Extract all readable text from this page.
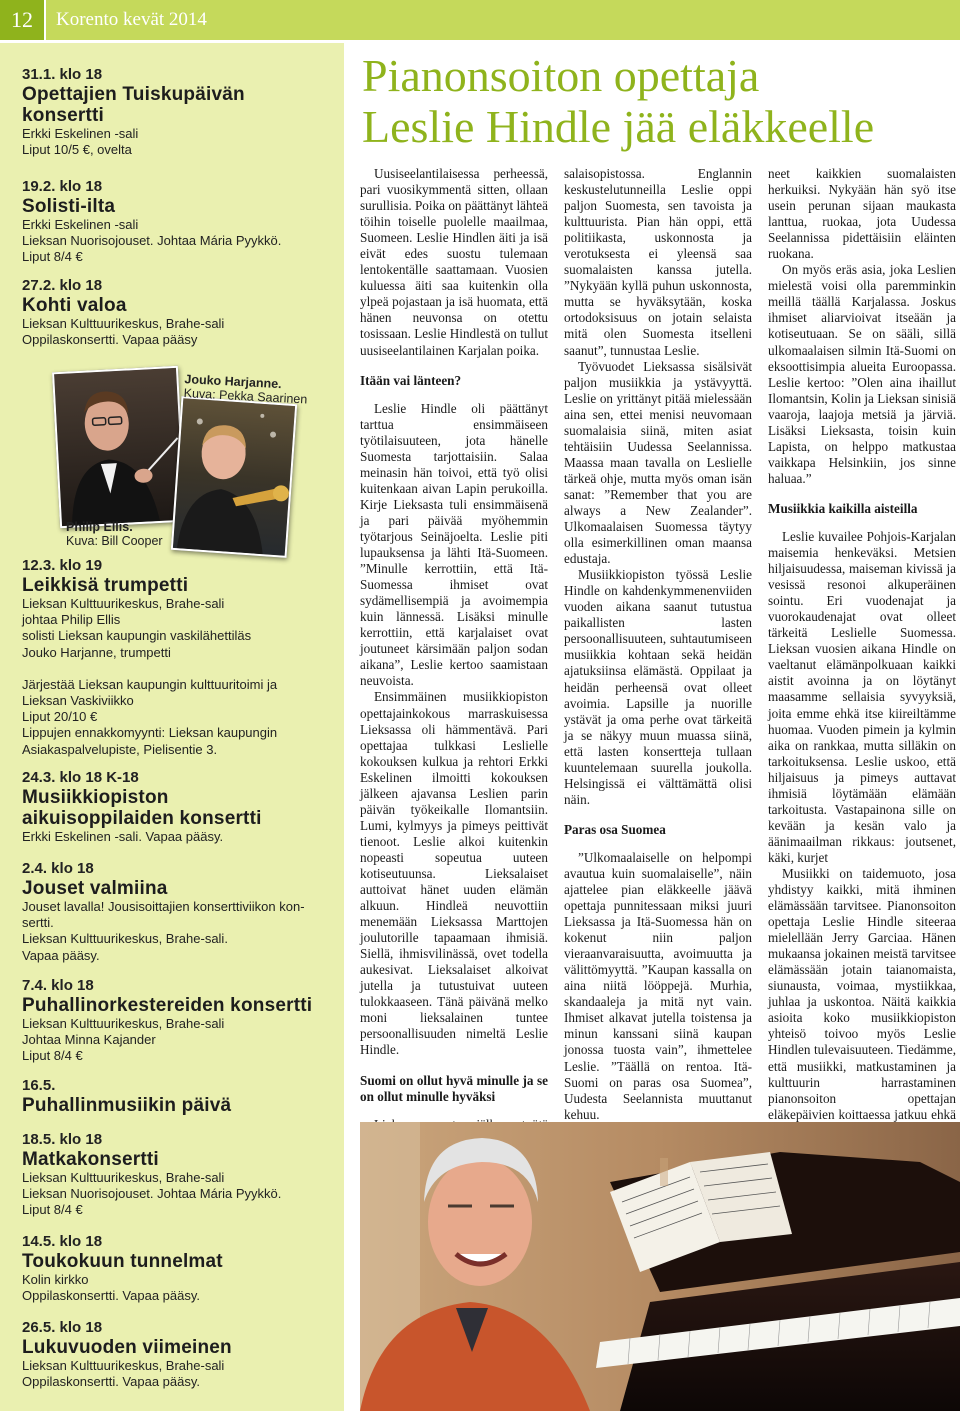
12	Korento kevät 2014
31.1. klo 18
Opettajien Tuiskupäivän konsertti
Erkki Eskelinen -sali
Liput 10/5 €, ovelta
19.2. klo 18
Solisti-ilta
Erkki Eskelinen -sali
Lieksan Nuorisojouset. Johtaa Mária Pyykkö.
Liput 8/4 €
27.2. klo 18
Kohti valoa
Lieksan Kulttuurikeskus, Brahe-sali
Oppilaskonsertti. Vapaa pääsy
12.3. klo 19
Leikkisä trumpetti
Lieksan Kulttuurikeskus, Brahe-sali
johtaa Philip Ellis
solisti Lieksan kaupungin vaskilähettiläs
Jouko Harjanne, trumpetti
Järjestää Lieksan kaupungin kulttuuritoimi ja
Lieksan Vaskiviikko
Liput 20/10 €
Lippujen ennakkomyynti: Lieksan kaupungin
Asiakaspalvelupiste, Pielisentie 3.
24.3. klo 18 K-18
Musiikkiopiston aikuisoppilaiden konsertti
Erkki Eskelinen -sali. Vapaa pääsy.
2.4. klo 18
Jouset valmiina
Jouset lavalla! Jousisoittajien konserttiviikon kon-
sertti.
Lieksan Kulttuurikeskus, Brahe-sali.
Vapaa pääsy.
7.4. klo 18
Puhallinorkestereiden konsertti
Lieksan Kulttuurikeskus, Brahe-sali
Johtaa Minna Kajander
Liput 8/4 €
16.5.
Puhallinmusiikin päivä
18.5. klo 18
Matkakonsertti
Lieksan Kulttuurikeskus, Brahe-sali
Lieksan Nuorisojouset. Johtaa Mária Pyykkö.
Liput 8/4 €
14.5. klo 18
Toukokuun tunnelmat
Kolin kirkko
Oppilaskonsertti. Vapaa pääsy.
26.5. klo 18
Lukuvuoden viimeinen
Lieksan Kulttuurikeskus, Brahe-sali
Oppilaskonsertti. Vapaa pääsy.
Philip Ellis.
Kuva: Bill Cooper
Jouko Harjanne.
Kuva: Pekka Saarinen
Pianonsoiton opettaja
Leslie Hindle jää eläkkeelle

Uusiseelantilaisessa perheessä, pari vuosikymmentä sitten, ollaan surullisia. Poika on päättänyt lähteä töihin toiselle puolelle maailmaa, Suomeen. Leslie Hindlen äiti ja isä eivät edes suostu tulemaan lentokentälle saattamaan. Vuosien kuluessa äiti saa kuitenkin olla ylpeä pojastaan ja isä huomata, että hänen neuvonsa on otettu tosissaan. Leslie Hindlestä on tullut uusiseelantilainen Karjalan poika.

Itään vai länteen?

Leslie Hindle oli päättänyt tarttua ensimmäiseen työtilaisuuteen, jota hänelle Suomesta tarjottaisiin. Salaa meinasin hän toivoi, että työ olisi kuitenkaan aivan Lapin perukoilla. Kirje Lieksasta tuli ensimmäisenä ja pari päivää myöhemmin työtarjous Seinäjoelta. Leslie piti lupauksensa ja lähti Itä-Suomeen. ”Minulle kerrottiin, että Itä-Suomessa ihmiset ovat sydämellisempiä ja avoimempia kuin lännessä. Lisäksi minulle kerrottiin, että karjalaiset ovat joutuneet kärsimään paljon sodan aikana”, Leslie kertoo saamistaan neuvoista.

Ensimmäinen musiikkiopiston opettajainkokous marraskuisessa Lieksassa oli hämmentävä. Pari opettajaa tulkkasi Leslielle kokouksen kulkua ja rehtori Erkki Eskelinen ilmoitti kokouksen jälkeen ajavansa Leslien parin päivän työkeikalle Ilomantsiin. Lumi, kylmyys ja pimeys peittivät tienoot. Leslie alkoi kuitenkin nopeasti sopeutua uuteen kotiseutuunsa. Lieksalaiset auttoivat hänet uuden elämän alkuun. Hindleä neuvottiin menemään Lieksassa Marttojen joulutorille tapaamaan ihmisiä. Siellä, ihmisvilinässä, ovet todella aukesivat. Lieksalaiset alkoivat jutella ja tutustuivat uuteen tulokkaaseen. Tänä päivänä melko moni lieksalainen tuntee persoonallisuuden nimeltä Leslie Hindle.

Suomi on ollut hyvä minulle ja se on ollut minulle hyväksi

salaisopistossa. Englannin keskustelutunneilla Leslie oppi paljon Suomesta, sen tavoista ja kulttuurista. Pian hän oppi, että politiikasta, uskonnosta ja verotuksesta ei yleensä saa suomalaisten kanssa jutella. ”Nykyään kyllä puhun uskonnosta, mutta se hyväksytään, koska ortodoksisuus on jotain selaista mitä olen Suomesta itselleni saanut”, tunnustaa Leslie.

Työvuodet Lieksassa sisälsivät paljon musiikkia ja ystävyyttä. Leslie on yrittänyt pitää mielessään aina sen, ettei menisi neuvomaan suomalaisia siinä, miten asiat tehtäisiin Uudessa Seelannissa. Maassa maan tavalla on Leslielle tärkeä ohje, mutta myös oman isän sanat: ”Remember that you are always a New Zealander”. Ulkomaalaisen Suomessa täytyy olla esimerkillinen oman maansa edustaja.

Musiikkiopiston työssä Leslie Hindle on kahdenkymmenenviiden vuoden aikana saanut tutustua paikallisten lasten persoonallisuuteen, suhtautumiseen musiikkia kohtaan sekä heidän ajatuksiinsa elämästä. Oppilaat ja heidän perheensä ovat olleet avoimia. Lapsille ja nuorille ystävät ja oma perhe ovat tärkeitä ja se näkyy muun muassa siinä, että lasten konsertteja tullaan kuuntelemaan suurella joukolla. Helsingissä ei välttämättä olisi näin.

Paras osa Suomea

”Ulkomaalaiselle on helpompi avautua kuin suomalaiselle”, näin ajattelee pian eläkkeelle jäävä opettaja punnitessaan miksi juuri Lieksassa ja Itä-Suomessa hän on kokenut niin paljon vieraanvaraisuutta, avoimuutta ja välittömyyttä. ”Kaupan kassalla on aina niitä lööppejä. Murhia, skandaaleja ja mitä nyt vain. Ihmiset alkavat jutella toistensa ja minun kanssani siinä kaupan jonossa tuosta vain”, ihmettelee Leslie. ”Täällä on rentoa. Itä-Suomi on paras osa Suomea”, Uudesta Seelannista muuttanut kehuu.

neet kaikkien suomalaisten herkuiksi. Nykyään hän syö itse usein perunan sijaan maukasta lanttua, ruokaa, jota Uudessa Seelannissa pidettäisiin eläinten ruokana.

On myös eräs asia, joka Leslien mielestä voisi olla paremminkin meillä täällä Karjalassa. Joskus ihmiset aliarvioivat itseään ja kotiseutuaan. Se on sääli, sillä ulkomaalaisen silmin Itä-Suomi on eksoottisimpia alueita Euroopassa. Leslie kertoo: ”Olen aina ihaillut Ilomantsin, Kolin ja Lieksan sinisiä vaaroja, laajoja metsiä ja järviä. Lisäksi Lieksasta, toisin kuin Lapista, on helppo matkustaa vaikkapa Helsinkiin, jos sinne haluaa.”

Musiikkia kaikilla aisteilla

Leslie kuvailee Pohjois-Karjalan maisemia henkeväksi. Metsien hiljaisuudessa, maiseman kivissä ja vesissä resonoi alkuperäinen sointu. Eri vuodenajat ja vuorokaudenajat ovat olleet tärkeitä Leslielle Suomessa. Lieksan vuosien aikana Hindle on vaeltanut elämänpolkuaan kaikki aistit avoinna ja on löytänyt maasamme sellaisia syvyyksiä, joita emme ehkä itse kiireiltämme huomaa. Vuoden pimein ja kylmin aika on rankkaa, mutta silläkin on tarkoituksensa. Leslie uskoo, että hiljaisuus ja pimeys auttavat ihmisiä löytämään elämään tarkoitusta. Vastapainona sille on kevään ja kesän valo ja äänimaailman rikkaus: joutsenet, käki, kurjet

Musiikki on taidemuoto, josa yhdistyy kaikki, mitä ihminen elämässään tarvitsee. Pianonsoiton opettaja Leslie Hindle siteeraa mielellään Jerry Garciaa. Hänen mukaansa jokainen meistä tarvitsee elämässään jotain taianomaista, siunausta, voimaa, mystiikkaa, juhlaa ja uskontoa. Näitä kaikkia asioita koko musiikkiopiston yhteisö toivoo myös Leslie Hindlen tulevaisuuteen. Tiedämme, että musiikki, matkustaminen ja kulttuurin harrastaminen pianonsoiton opettajan eläkepäivien koittaessa jatkuu ehkä
